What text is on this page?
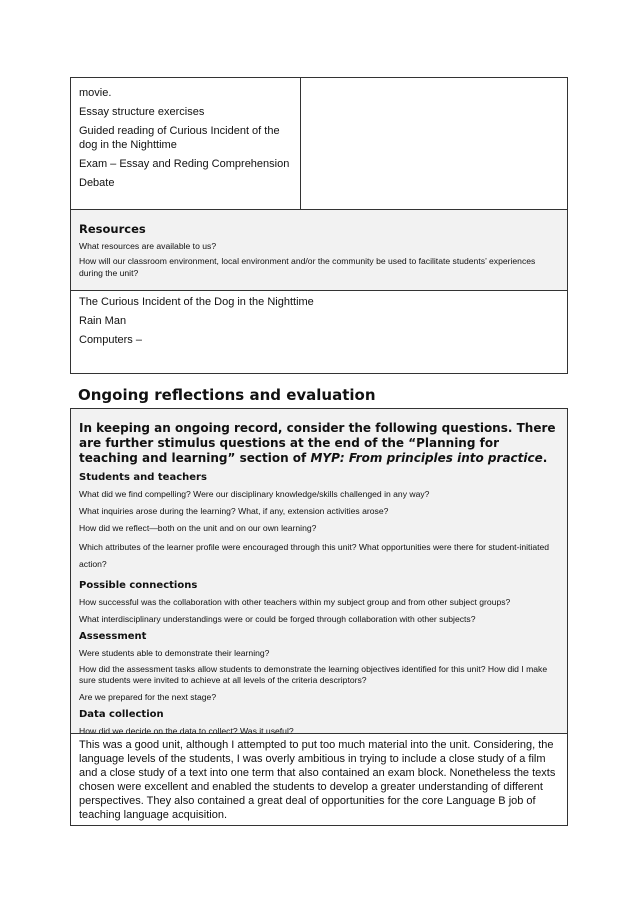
movie.

Essay structure exercises

Guided reading of Curious Incident of the dog in the Nighttime

Exam – Essay and Reding Comprehension

Debate

Resources

What resources are available to us?

How will our classroom environment, local environment and/or the community be used to facilitate students’ experiences during the unit?

The Curious Incident of the Dog in the Nighttime

Rain Man

Computers –

Ongoing reflections and evaluation

In keeping an ongoing record, consider the following questions. There are further stimulus questions at the end of the “Planning for teaching and learning” section of MYP: From principles into practice.

Students and teachers

What did we find compelling? Were our disciplinary knowledge/skills challenged in any way?

What inquiries arose during the learning? What, if any, extension activities arose?

How did we reflect—both on the unit and on our own learning?

Which attributes of the learner profile were encouraged through this unit? What opportunities were there for student-initiated action?

Possible connections

How successful was the collaboration with other teachers within my subject group and from other subject groups?

What interdisciplinary understandings were or could be forged through collaboration with other subjects?

Assessment

Were students able to demonstrate their learning?

How did the assessment tasks allow students to demonstrate the learning objectives identified for this unit? How did I make sure students were invited to achieve at all levels of the criteria descriptors?

Are we prepared for the next stage?

Data collection

How did we decide on the data to collect? Was it useful?

This was a good unit, although I attempted to put too much material into the unit. Considering, the language levels of the students, I was overly ambitious in trying to include a close study of a film and a close study of a text into one term that also contained an exam block. Nonetheless the texts chosen were excellent and enabled the students to develop a greater understanding of different perspectives. They also contained a great deal of opportunities for the core Language B job of teaching language acquisition.
